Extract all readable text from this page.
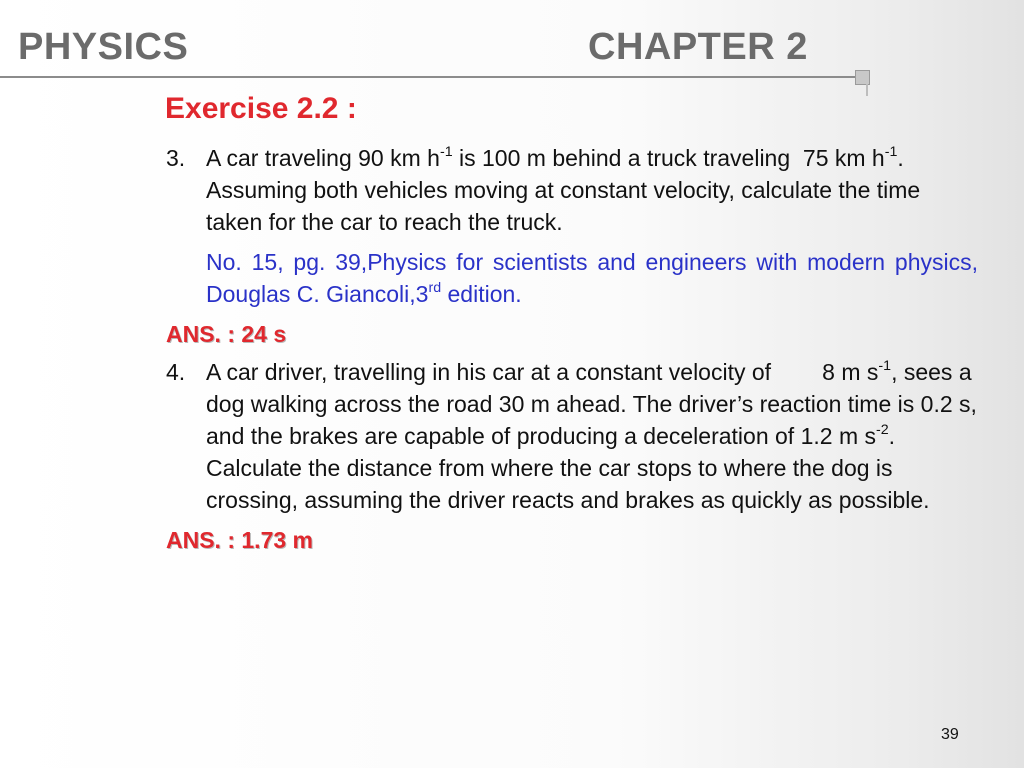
PHYSICS	CHAPTER 2
Exercise 2.2 :
3. A car traveling 90 km $h^{-1}$ is 100 m behind a truck traveling  75 km $h^{-1}$. Assuming both vehicles moving at constant velocity, calculate the time taken for the car to reach the truck.
No. 15, pg. 39,Physics for scientists and engineers with modern physics, Douglas C. Giancoli,3rd edition.
ANS. : 24 s
4. A car driver, travelling in his car at a constant velocity of        8 m $s^{-1}$, sees a dog walking across the road 30 m ahead. The driver’s reaction time is 0.2 s, and the brakes are capable of producing a deceleration of 1.2 m $s^{-2}$. Calculate the distance from where the car stops to where the dog is crossing, assuming the driver reacts and brakes as quickly as possible.
ANS. : 1.73 m
39
